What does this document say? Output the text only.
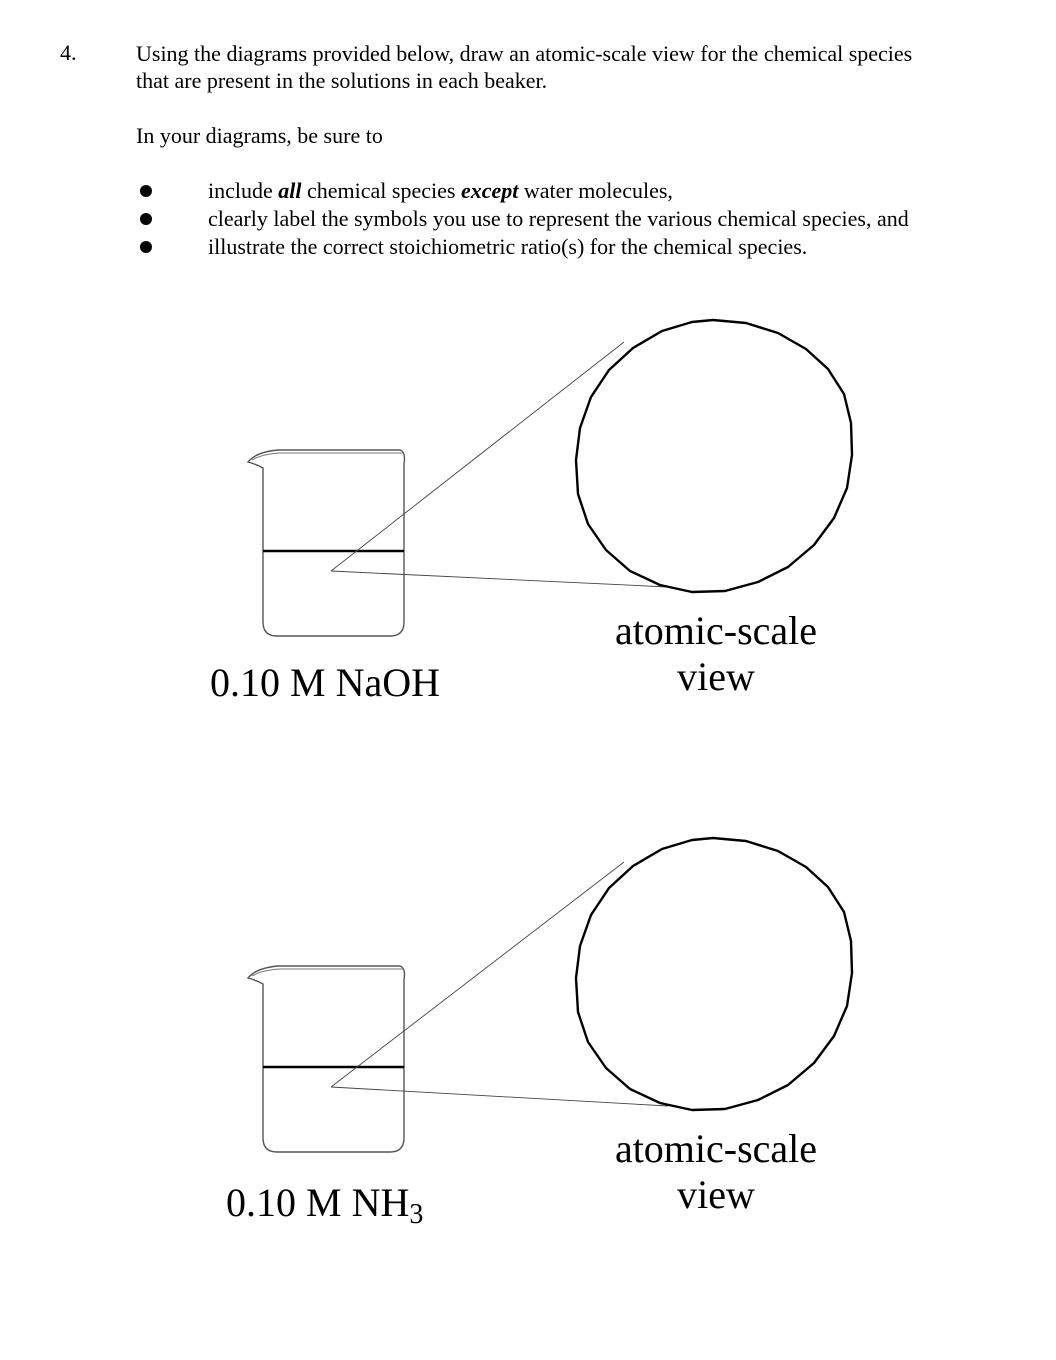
4.	Using the diagrams provided below, draw an atomic-scale view for the chemical species
that are present in the solutions in each beaker.
In your diagrams, be sure to
include all chemical species except water molecules,
clearly label the symbols you use to represent the various chemical species, and
illustrate the correct stoichiometric ratio(s) for the chemical species.
0.10 M NaOH
atomic-scale
view
0.10 M $NH_3$
atomic-scale
view
